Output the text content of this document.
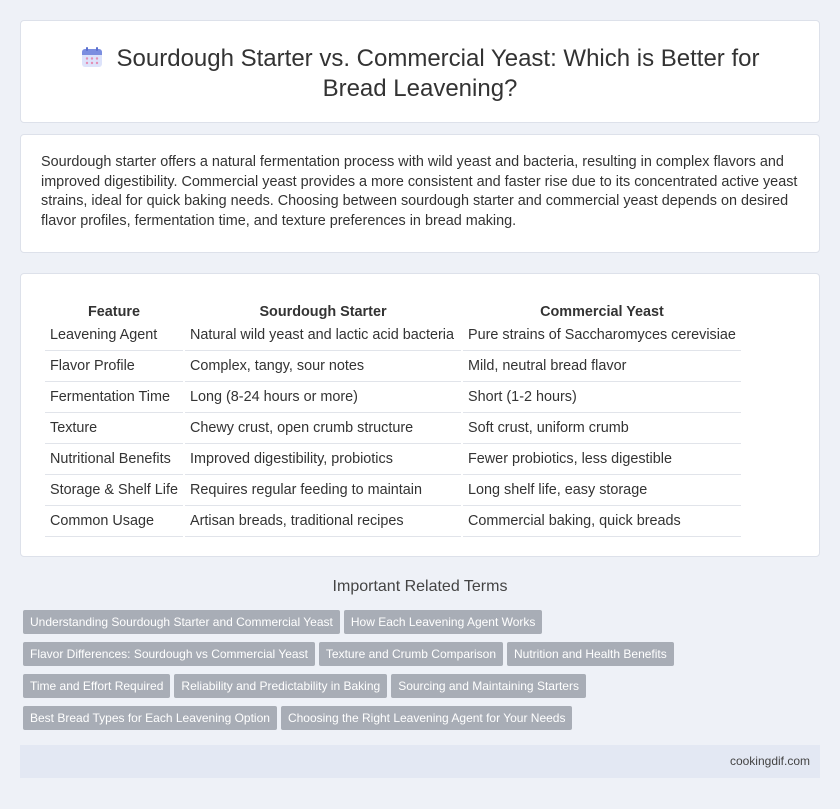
Sourdough Starter vs. Commercial Yeast: Which is Better for Bread Leavening?

Sourdough starter offers a natural fermentation process with wild yeast and bacteria, resulting in complex flavors and improved digestibility. Commercial yeast provides a more consistent and faster rise due to its concentrated active yeast strains, ideal for quick baking needs. Choosing between sourdough starter and commercial yeast depends on desired flavor profiles, fermentation time, and texture preferences in bread making.

Feature	Sourdough Starter	Commercial Yeast
Leavening Agent	Natural wild yeast and lactic acid bacteria	Pure strains of Saccharomyces cerevisiae
Flavor Profile	Complex, tangy, sour notes	Mild, neutral bread flavor
Fermentation Time	Long (8-24 hours or more)	Short (1-2 hours)
Texture	Chewy crust, open crumb structure	Soft crust, uniform crumb
Nutritional Benefits	Improved digestibility, probiotics	Fewer probiotics, less digestible
Storage & Shelf Life	Requires regular feeding to maintain	Long shelf life, easy storage
Common Usage	Artisan breads, traditional recipes	Commercial baking, quick breads
Important Related Terms
Understanding Sourdough Starter and Commercial Yeast How Each Leavening Agent Works
Flavor Differences: Sourdough vs Commercial Yeast Texture and Crumb Comparison Nutrition and Health Benefits
Time and Effort Required Reliability and Predictability in Baking Sourcing and Maintaining Starters
Best Bread Types for Each Leavening Option Choosing the Right Leavening Agent for Your Needs
cookingdif.com
